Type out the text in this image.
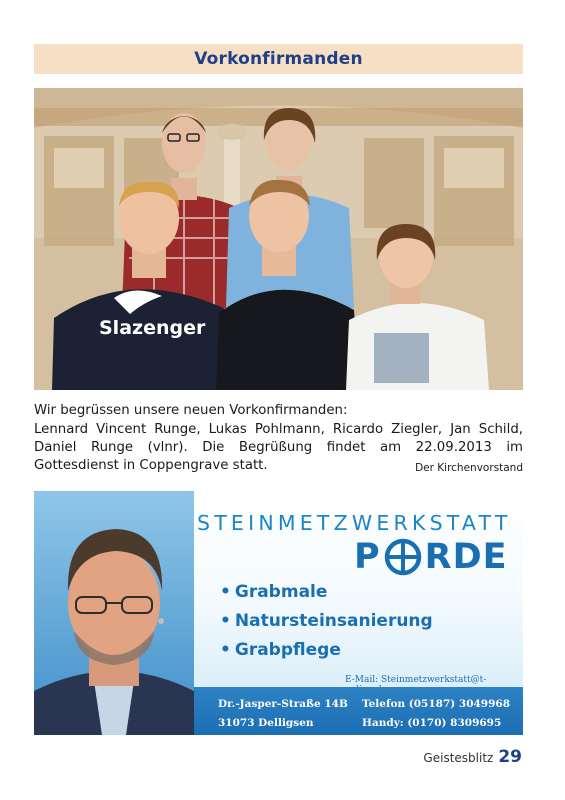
Vorkonfirmanden
Slazenger
Wir begrüssen unsere neuen Vorkonfirmanden:
Lennard Vincent Runge, Lukas Pohlmann, Ricardo Ziegler, Jan Schild, Daniel Runge (vlnr). Die Begrüßung findet am 22.09.2013 im Gottesdienst in Coppengrave statt.	Der Kirchenvorstand
STEINMETZWERKSTATT
P RDE
• Grabmale
• Natursteinsanierung
• Grabpflege
E-Mail: Steinmetzwerkstatt@t-
Dr.-Jasper-Straße 14B
31073 Delligsen
Telefon (05187) 3049968
Handy: (0170) 8309695
Geistesblitz 29
